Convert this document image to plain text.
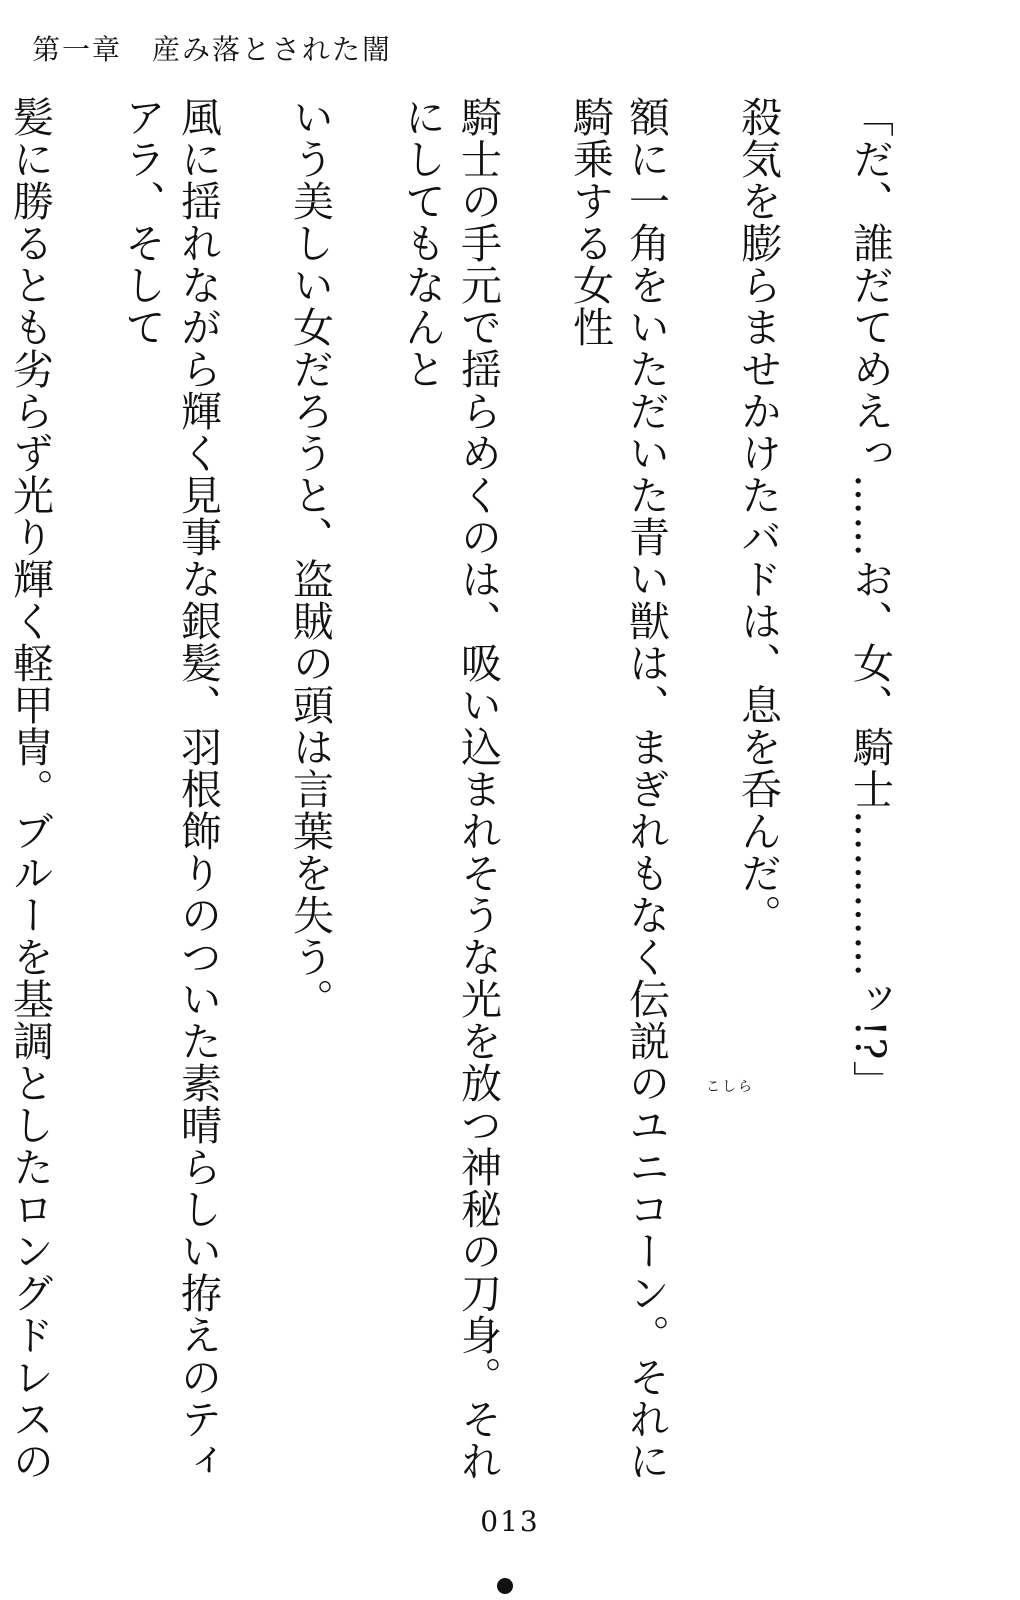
第一章　産み落とされた闇

「だ、誰だてめえっ……お、女、騎士…………ッ!?」

殺気を膨らませかけたバドは、息を呑んだ。

額に一角をいただいた青い獣は、まぎれもなく伝説のユニコーン。それに騎乗する女性

騎士の手元で揺らめくのは、吸い込まれそうな光を放つ神秘の刀身。それにしてもなんと

いう美しい女だろうと、盗賊の頭は言葉を失う。

風に揺れながら輝く見事な銀髪、羽根飾りのついた素晴らしい拵えのティアラ、そして

髪に勝るとも劣らず光り輝く軽甲冑。ブルーを基調としたロングドレスの

こしら
013
